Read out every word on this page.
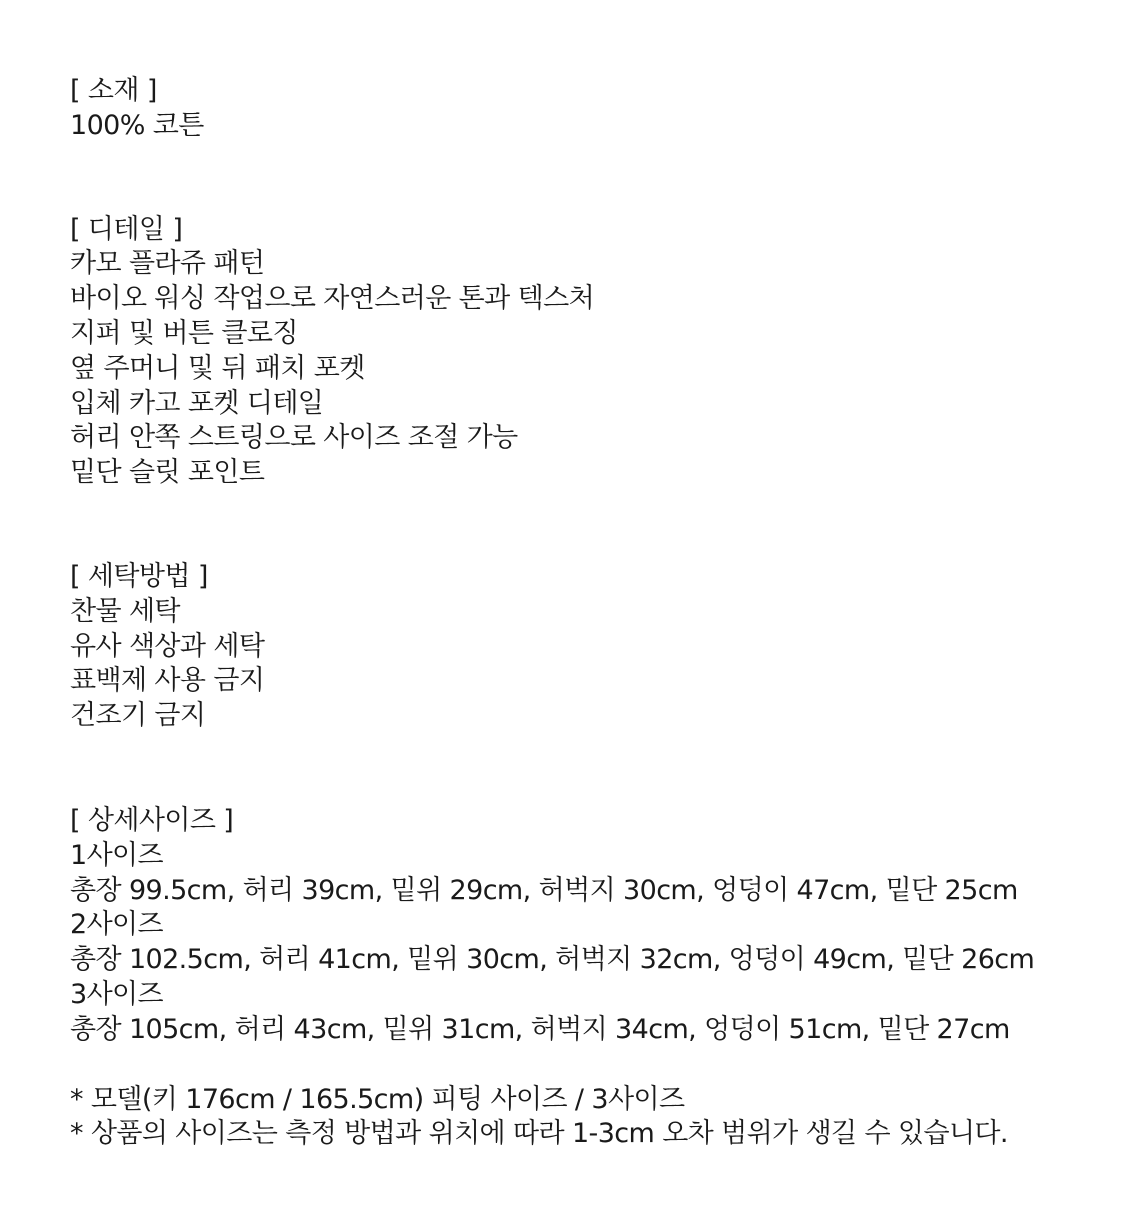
[ 소재 ]
100% 코튼
[ 디테일 ]
카모 플라쥬 패턴
바이오 워싱 작업으로 자연스러운 톤과 텍스처
지퍼 및 버튼 클로징
옆 주머니 및 뒤 패치 포켓
입체 카고 포켓 디테일
허리 안쪽 스트링으로 사이즈 조절 가능
밑단 슬릿 포인트
[ 세탁방법 ]
찬물 세탁
유사 색상과 세탁
표백제 사용 금지
건조기 금지
[ 상세사이즈 ]
1사이즈
총장 99.5cm, 허리 39cm, 밑위 29cm, 허벅지 30cm, 엉덩이 47cm, 밑단 25cm
2사이즈
총장 102.5cm, 허리 41cm, 밑위 30cm, 허벅지 32cm, 엉덩이 49cm, 밑단 26cm
3사이즈
총장 105cm, 허리 43cm, 밑위 31cm, 허벅지 34cm, 엉덩이 51cm, 밑단 27cm
* 모델(키 176cm / 165.5cm) 피팅 사이즈 / 3사이즈
* 상품의 사이즈는 측정 방법과 위치에 따라 1-3cm 오차 범위가 생길 수 있습니다.
